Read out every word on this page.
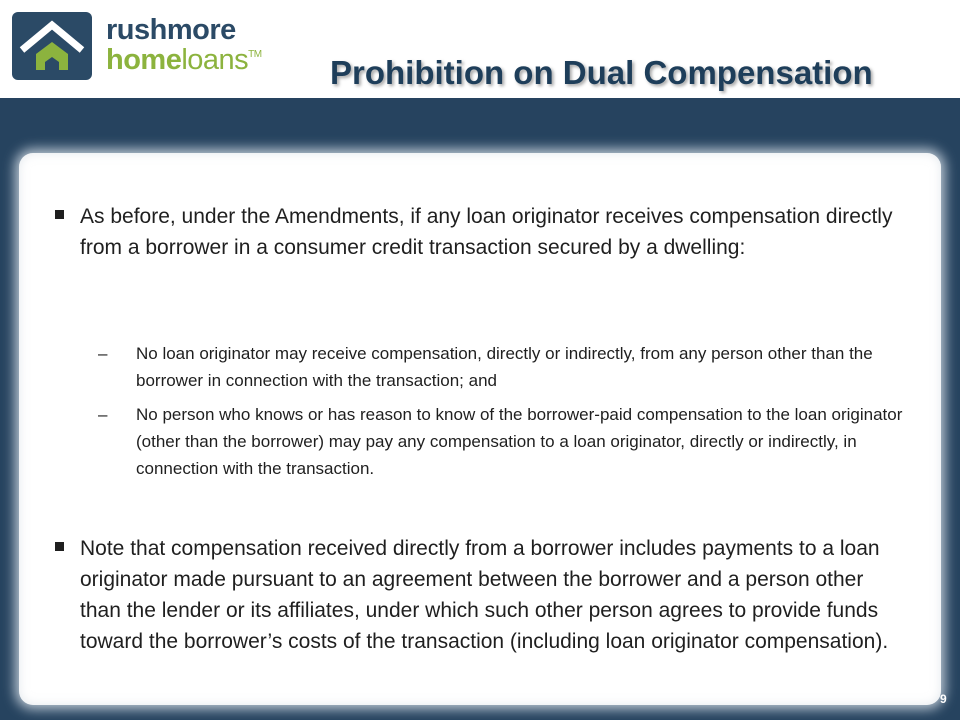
rushmore
homeloans™ Prohibition on Dual Compensation
As before, under the Amendments, if any loan originator receives compensation directly from a borrower in a consumer credit transaction secured by a dwelling:
– No loan originator may receive compensation, directly or indirectly, from any person other than the borrower in connection with the transaction; and
– No person who knows or has reason to know of the borrower-paid compensation to the loan originator (other than the borrower) may pay any compensation to a loan originator, directly or indirectly, in connection with the transaction.
Note that compensation received directly from a borrower includes payments to a loan originator made pursuant to an agreement between the borrower and a person other than the lender or its affiliates, under which such other person agrees to provide funds toward the borrower’s costs of the transaction (including loan originator compensation).
9
